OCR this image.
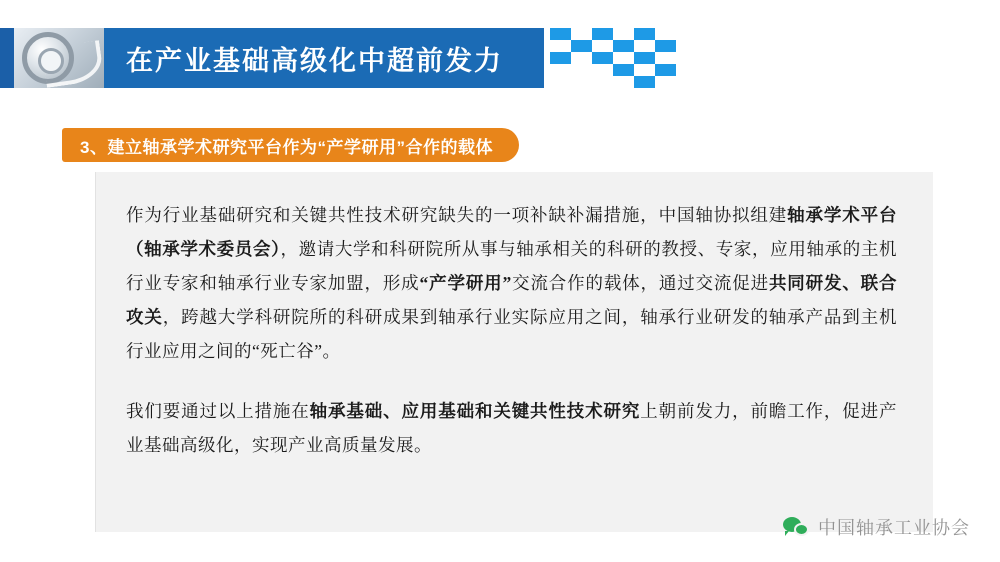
在产业基础高级化中超前发力
3、建立轴承学术研究平台作为“产学研用”合作的载体

作为行业基础研究和关键共性技术研究缺失的一项补缺补漏措施，中国轴协拟组建轴承学术平台（轴承学术委员会），邀请大学和科研院所从事与轴承相关的科研的教授、专家，应用轴承的主机行业专家和轴承行业专家加盟，形成“产学研用”交流合作的载体，通过交流促进共同研发、联合攻关，跨越大学科研院所的科研成果到轴承行业实际应用之间，轴承行业研发的轴承产品到主机行业应用之间的“死亡谷”。

我们要通过以上措施在轴承基础、应用基础和关键共性技术研究上朝前发力，前瞻工作，促进产业基础高级化，实现产业高质量发展。

中国轴承工业协会
